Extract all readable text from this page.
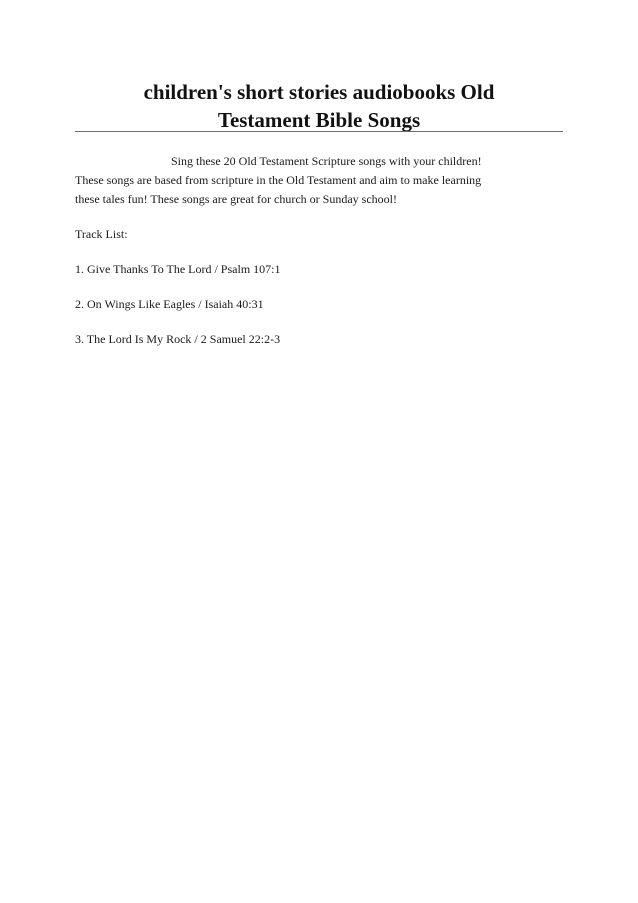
children's short stories audiobooks Old
Testament Bible Songs

Sing these 20 Old Testament Scripture songs with your children!
These songs are based from scripture in the Old Testament and aim to make learning
these tales fun! These songs are great for church or Sunday school!

Track List:

1. Give Thanks To The Lord / Psalm 107:1

2. On Wings Like Eagles / Isaiah 40:31

3. The Lord Is My Rock / 2 Samuel 22:2-3
